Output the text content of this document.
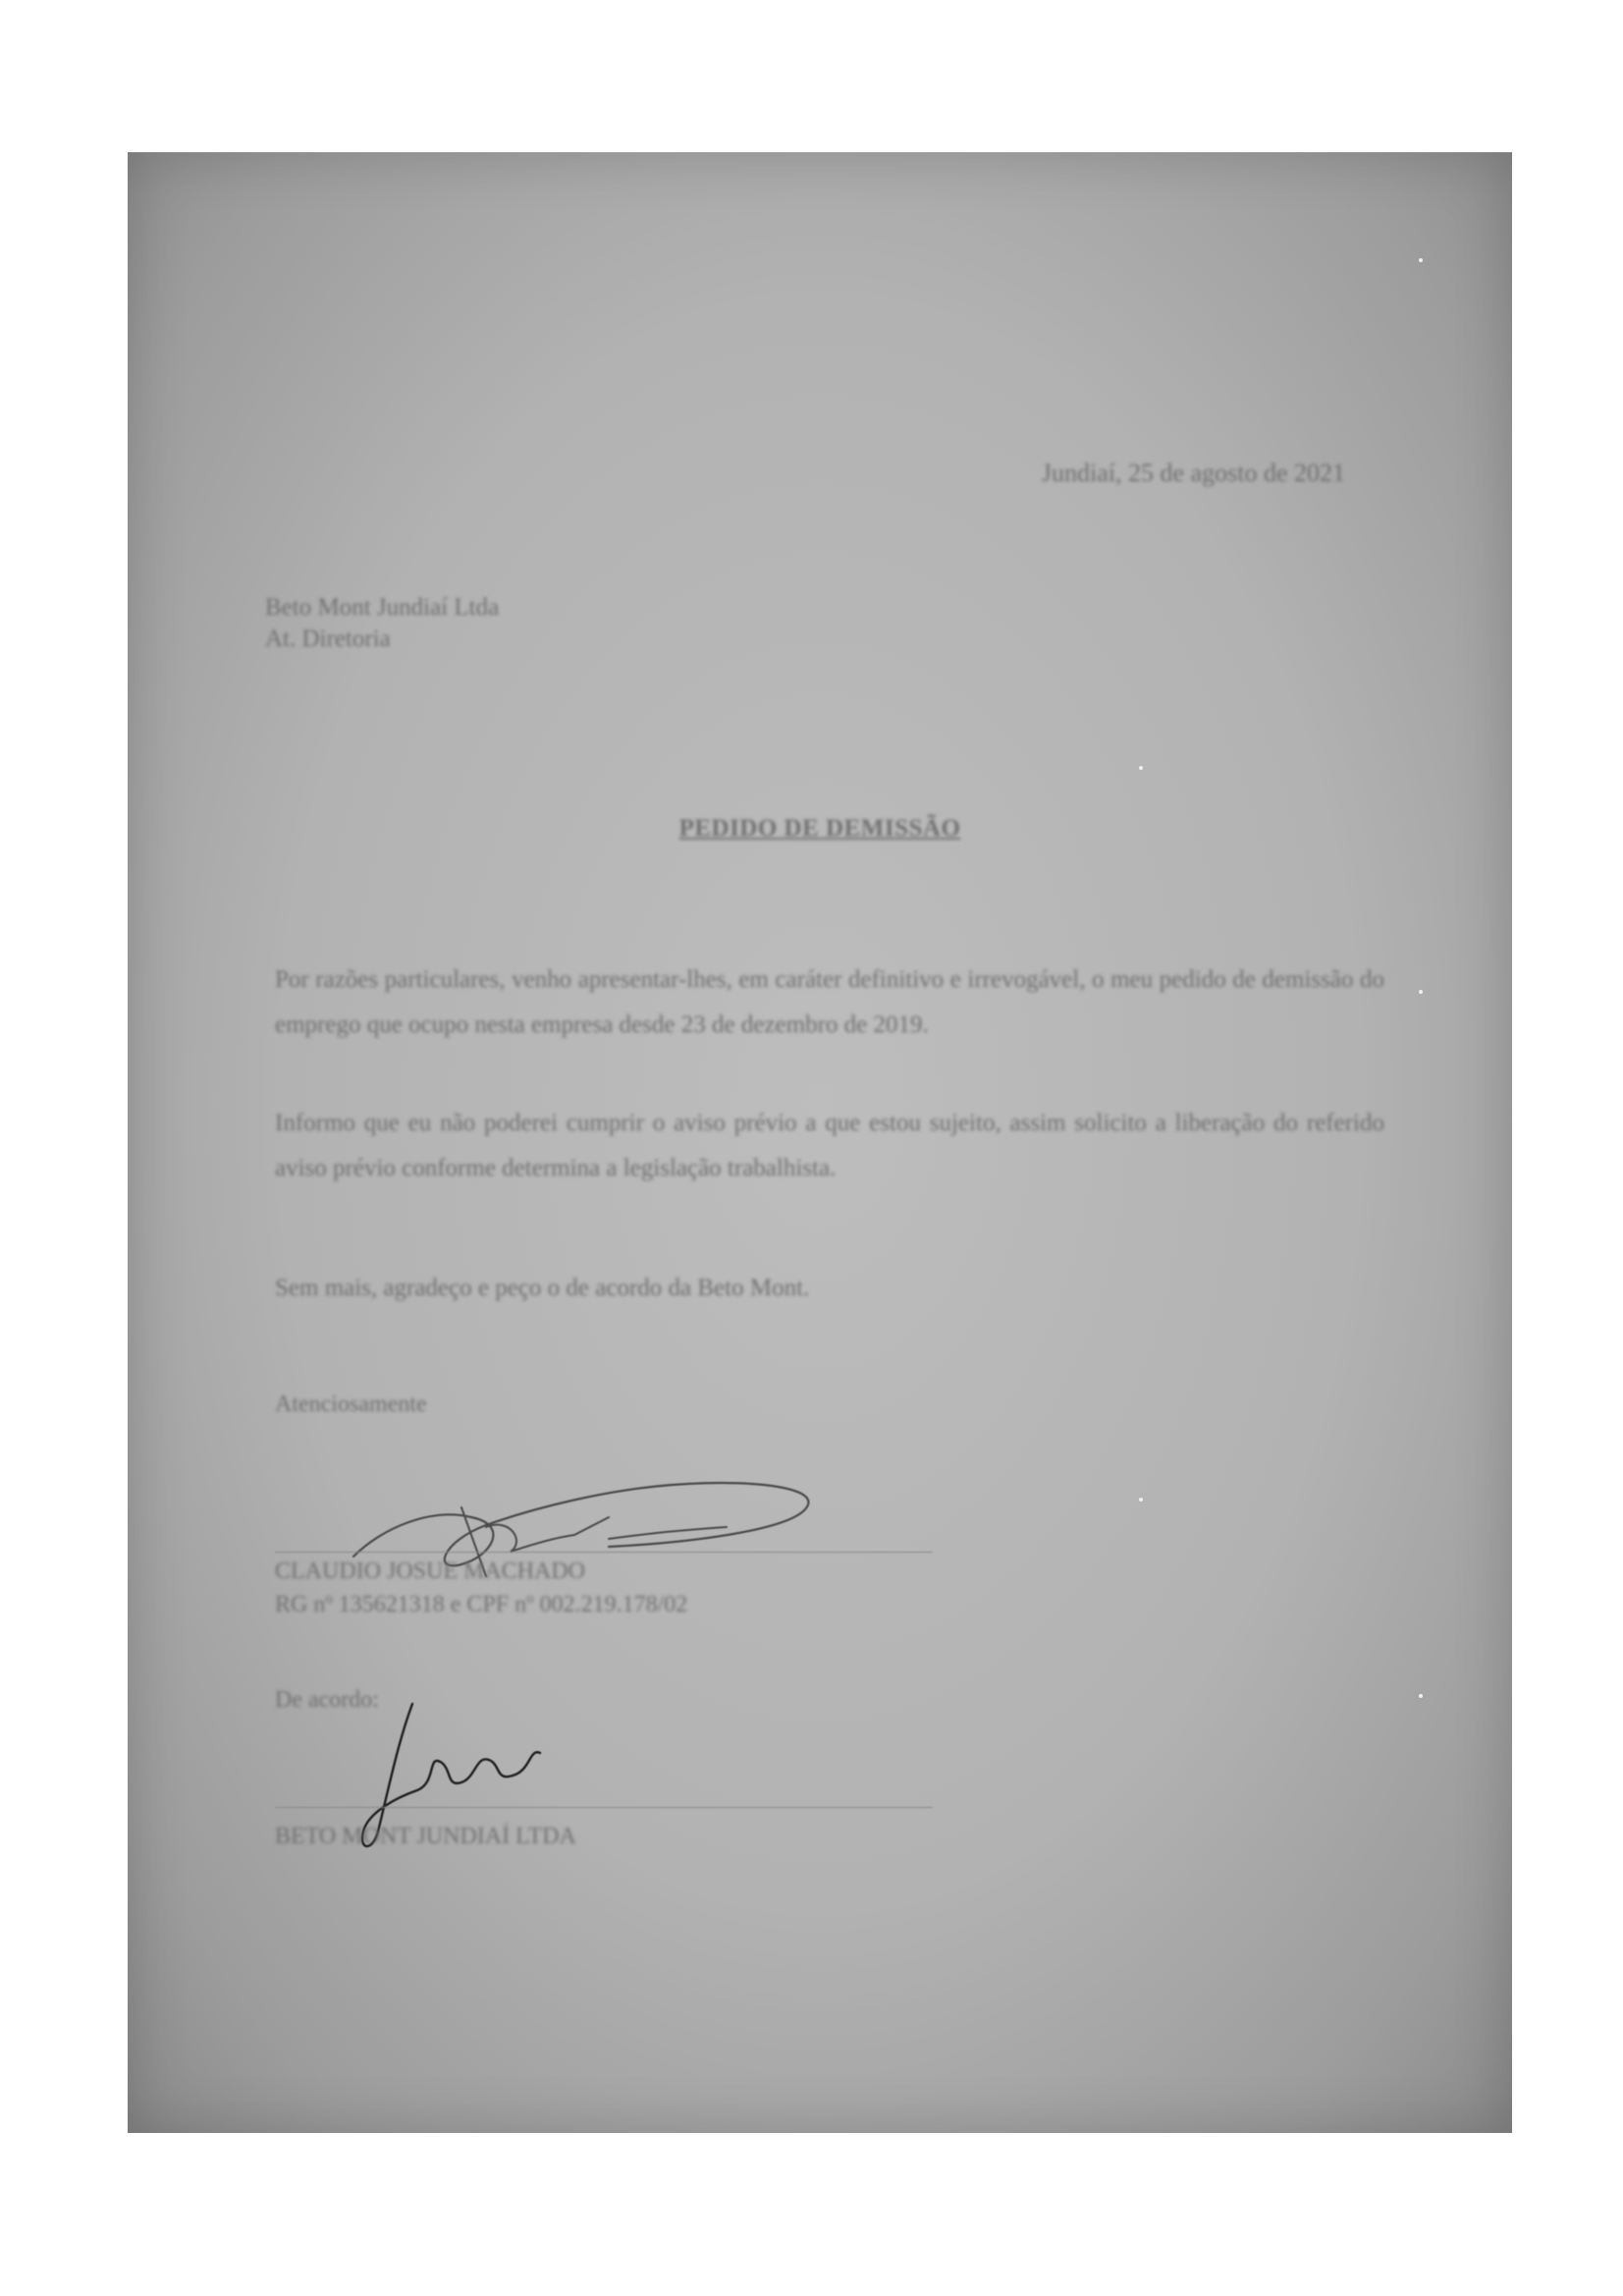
Jundiaí, 25 de agosto de 2021
Beto Mont Jundiaí Ltda
At. Diretoria
PEDIDO DE DEMISSÃO
Por razões particulares, venho apresentar-lhes, em caráter definitivo e irrevogável, o meu pedido de demissão do emprego que ocupo nesta empresa desde 23 de dezembro de 2019.
Informo que eu não poderei cumprir o aviso prévio a que estou sujeito, assim solicito a liberação do referido aviso prévio conforme determina a legislação trabalhista.
Sem mais, agradeço e peço o de acordo da Beto Mont.
Atenciosamente
CLAUDIO JOSUE MACHADO
RG nº 135621318 e CPF nº 002.219.178/02
De acordo:
BETO MONT JUNDIAÍ LTDA
